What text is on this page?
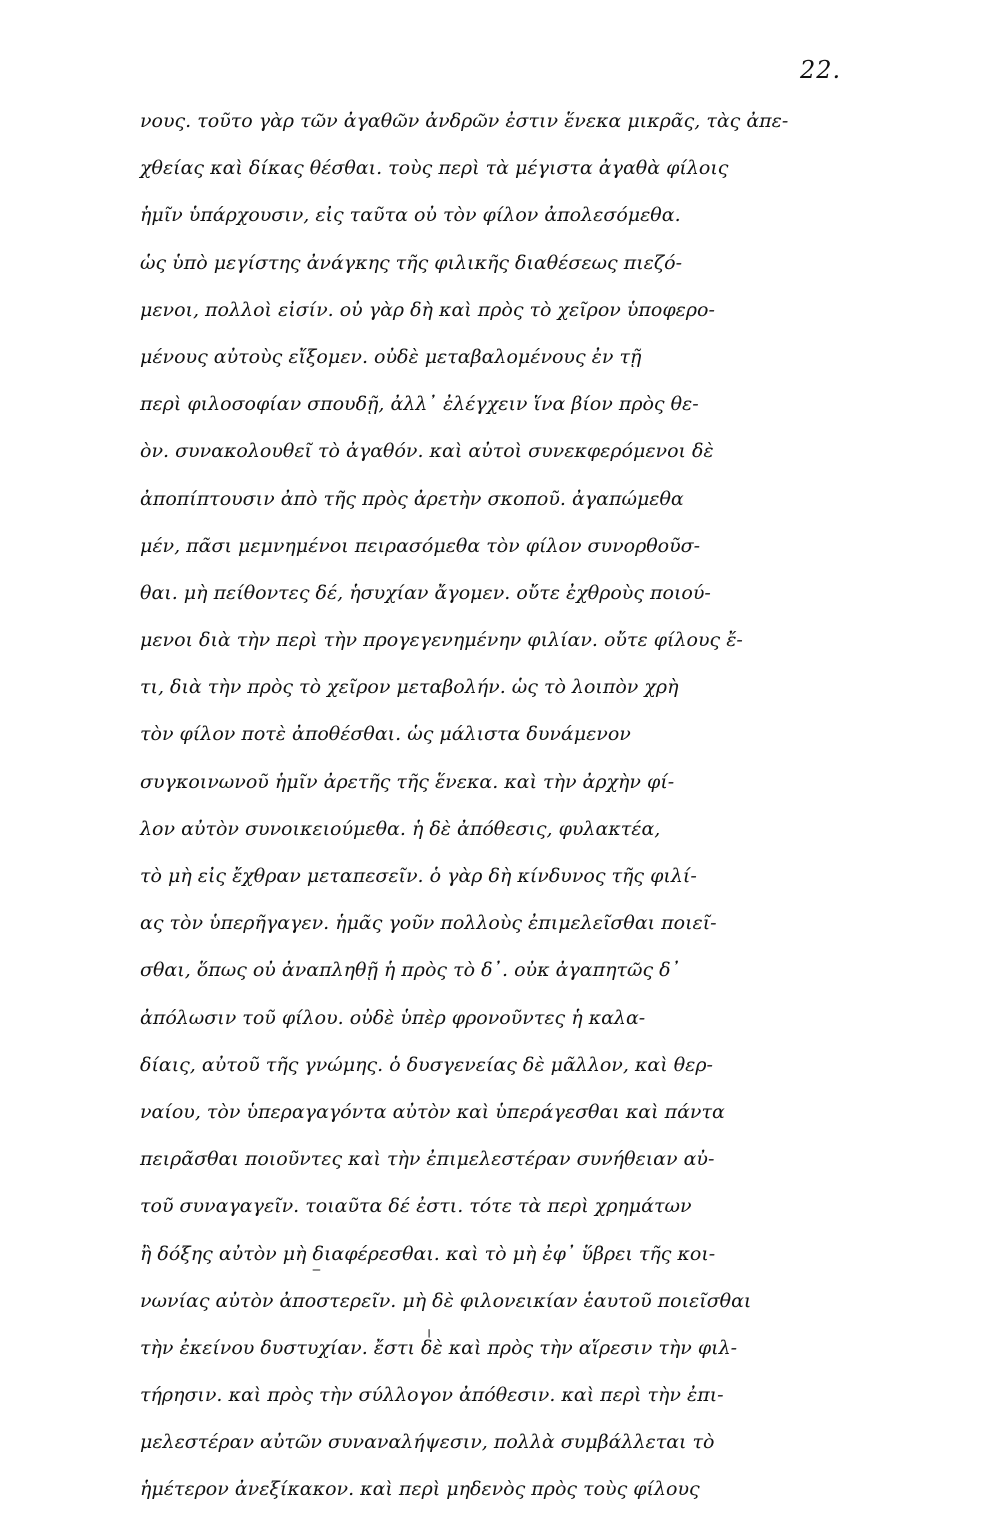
22.
νους. τοῦτο γὰρ τῶν ἀγαθῶν ἀνδρῶν ἐστιν ἕνεκα μικρᾶς, τὰς ἀπε-
χθείας καὶ δίκας θέσθαι. τοὺς περὶ τὰ μέγιστα ἀγαθὰ φίλοις
ἡμῖν ὑπάρχουσιν, εἰς ταῦτα οὐ τὸν φίλον ἀπολεσόμεθα.
ὡς ὑπὸ μεγίστης ἀνάγκης τῆς φιλικῆς διαθέσεως πιεζό-
μενοι, πολλοὶ εἰσίν. οὐ γὰρ δὴ καὶ πρὸς τὸ χεῖρον ὑποφερο-
μένους αὐτοὺς εἴξομεν. οὐδὲ μεταβαλομένους ἐν τῇ
περὶ φιλοσοφίαν σπουδῇ, ἀλλ᾽ ἐλέγχειν ἵνα βίον πρὸς θε-
ὸν. συνακολουθεῖ τὸ ἀγαθόν. καὶ αὐτοὶ συνεκφερόμενοι δὲ
ἀποπίπτουσιν ἀπὸ τῆς πρὸς ἀρετὴν σκοποῦ. ἀγαπώμεθα
μέν, πᾶσι μεμνημένοι πειρασόμεθα τὸν φίλον συνορθοῦσ-
θαι. μὴ πείθοντες δέ, ἡσυχίαν ἄγομεν. οὔτε ἐχθροὺς ποιού-
μενοι διὰ τὴν περὶ τὴν προγεγενημένην φιλίαν. οὔτε φίλους ἔ-
τι, διὰ τὴν πρὸς τὸ χεῖρον μεταβολήν. ὡς τὸ λοιπὸν χρὴ
τὸν φίλον ποτὲ ἀποθέσθαι. ὡς μάλιστα δυνάμενον
συγκοινωνοῦ ἡμῖν ἀρετῆς τῆς ἕνεκα. καὶ τὴν ἀρχὴν φί-
λον αὐτὸν συνοικειούμεθα. ἡ δὲ ἀπόθεσις, φυλακτέα,
τὸ μὴ εἰς ἔχθραν μεταπεσεῖν. ὁ γὰρ δὴ κίνδυνος τῆς φιλί-
ας τὸν ὑπερῆγαγεν. ἡμᾶς γοῦν πολλοὺς ἐπιμελεῖσθαι ποιεῖ-
σθαι, ὅπως οὐ ἀναπληθῇ ἡ πρὸς τὸ δ᾽. οὐκ ἀγαπητῶς δ᾽
ἀπόλωσιν τοῦ φίλου. οὐδὲ ὑπὲρ φρονοῦντες ἡ καλα-
δίαις, αὐτοῦ τῆς γνώμης. ὁ δυσγενείας δὲ μᾶλλον, καὶ θερ-
ναίου, τὸν ὑπεραγαγόντα αὐτὸν καὶ ὑπεράγεσθαι καὶ πάντα
πειρᾶσθαι ποιοῦντες καὶ τὴν ἐπιμελεστέραν συνήθειαν αὐ-
τοῦ συναγαγεῖν. τοιαῦτα δέ ἐστι. τότε τὰ περὶ χρημάτων
ἢ δόξης αὐτὸν μὴ διαφέρεσθαι. καὶ τὸ μὴ ἐφ᾽ ὕβρει τῆς κοι-
νωνίας αὐτὸν ἀποστερεῖν. μὴ δὲ φιλονεικίαν ἑαυτοῦ ποιεῖσθαι
τὴν ἐκείνου δυστυχίαν. ἔστι δὲ καὶ πρὸς τὴν αἵρεσιν τὴν φιλ-
τήρησιν. καὶ πρὸς τὴν σύλλογον ἀπόθεσιν. καὶ περὶ τὴν ἐπι-
μελεστέραν αὐτῶν συναναλήψεσιν, πολλὰ συμβάλλεται τὸ
ἡμέτερον ἀνεξίκακον. καὶ περὶ μηδενὸς πρὸς τοὺς φίλους
‒
╷
